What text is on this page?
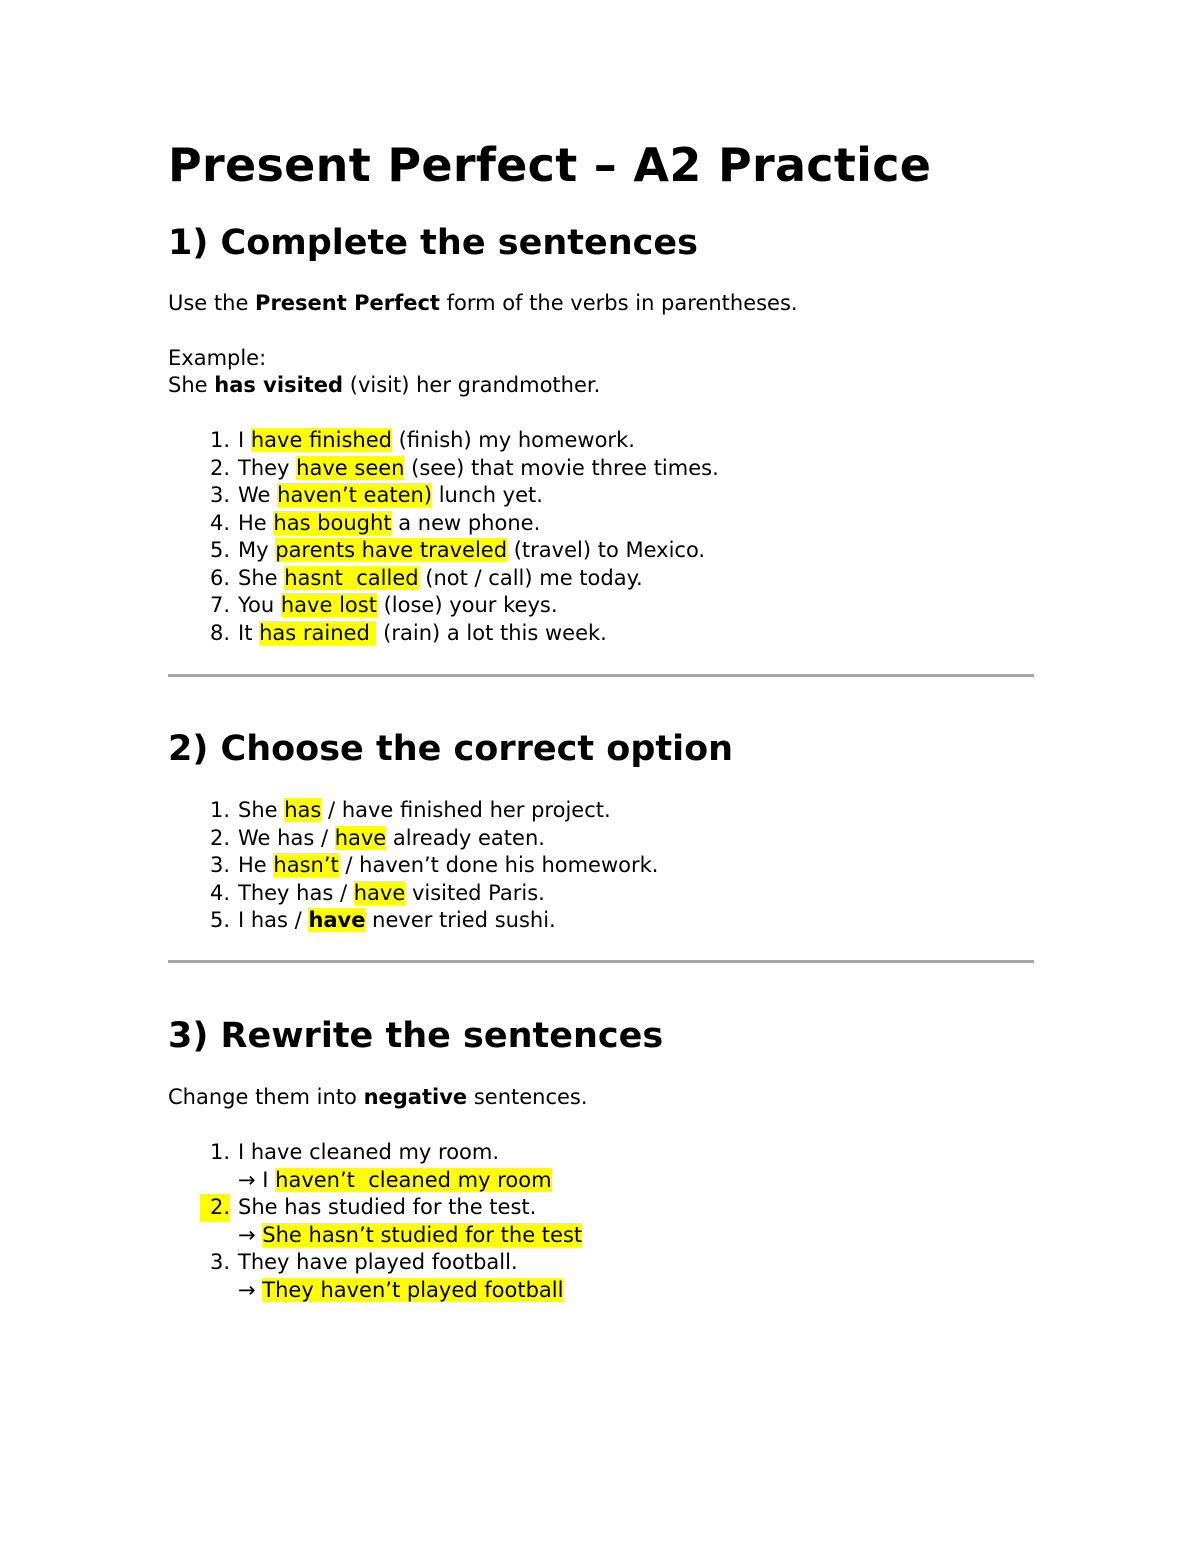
Present Perfect – A2 Practice
1) Complete the sentences

Use the Present Perfect form of the verbs in parentheses.

Example:

She has visited (visit) her grandmother.

1. I have finished (finish) my homework.
2. They have seen (see) that movie three times.
3. We haven’t eaten) lunch yet.
4. He has bought a new phone.
5. My parents have traveled (travel) to Mexico.
6. She hasnt  called (not / call) me today.
7. You have lost (lose) your keys.
8. It has rained  (rain) a lot this week.
2) Choose the correct option
1. She has / have finished her project.
2. We has / have already eaten.
3. He hasn’t / haven’t done his homework.
4. They has / have visited Paris.
5. I has / have never tried sushi.
3) Rewrite the sentences

Change them into negative sentences.

1. I have cleaned my room.
→ I haven’t  cleaned my room
2. She has studied for the test.
→ She hasn’t studied for the test
3. They have played football.
→ They haven’t played football
